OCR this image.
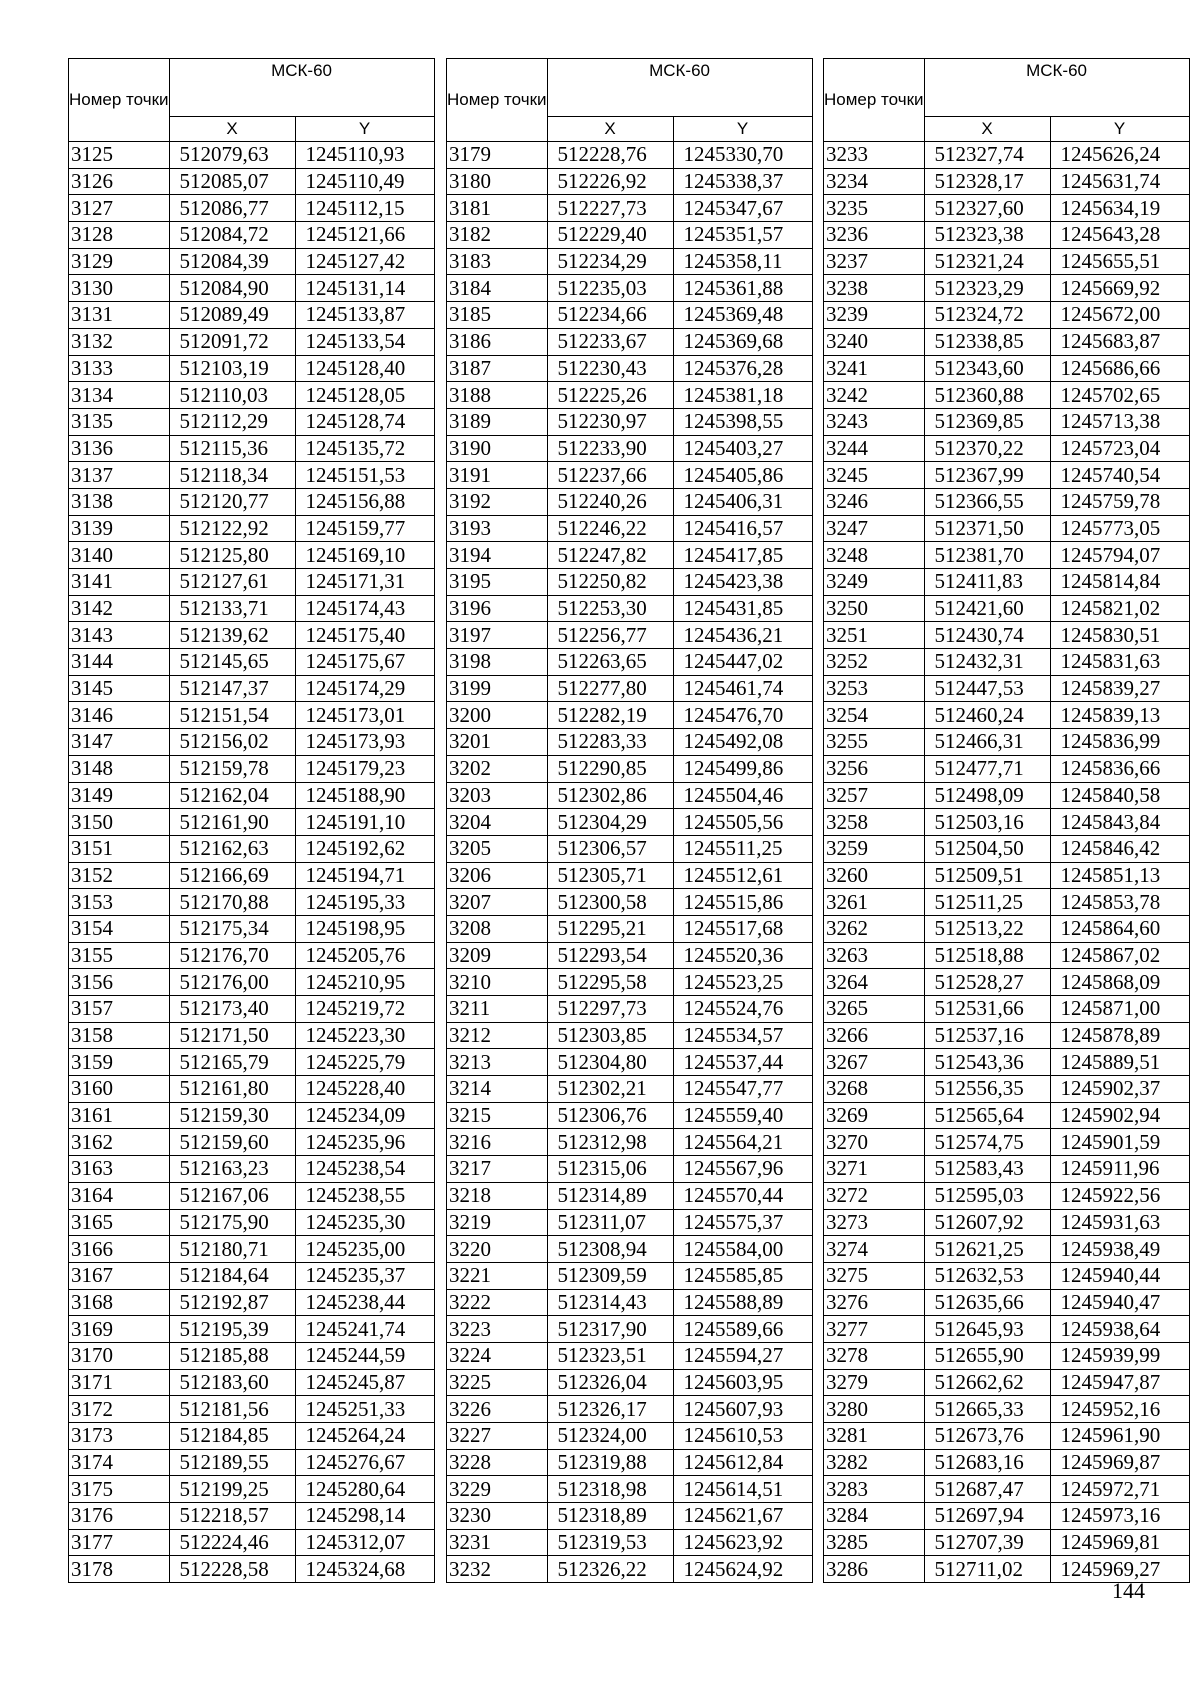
Номер точки	МСК-60	
	X	Y
3125	512079,63	1245110,93
3126	512085,07	1245110,49
3127	512086,77	1245112,15
3128	512084,72	1245121,66
3129	512084,39	1245127,42
3130	512084,90	1245131,14
3131	512089,49	1245133,87
3132	512091,72	1245133,54
3133	512103,19	1245128,40
3134	512110,03	1245128,05
3135	512112,29	1245128,74
3136	512115,36	1245135,72
3137	512118,34	1245151,53
3138	512120,77	1245156,88
3139	512122,92	1245159,77
3140	512125,80	1245169,10
3141	512127,61	1245171,31
3142	512133,71	1245174,43
3143	512139,62	1245175,40
3144	512145,65	1245175,67
3145	512147,37	1245174,29
3146	512151,54	1245173,01
3147	512156,02	1245173,93
3148	512159,78	1245179,23
3149	512162,04	1245188,90
3150	512161,90	1245191,10
3151	512162,63	1245192,62
3152	512166,69	1245194,71
3153	512170,88	1245195,33
3154	512175,34	1245198,95
3155	512176,70	1245205,76
3156	512176,00	1245210,95
3157	512173,40	1245219,72
3158	512171,50	1245223,30
3159	512165,79	1245225,79
3160	512161,80	1245228,40
3161	512159,30	1245234,09
3162	512159,60	1245235,96
3163	512163,23	1245238,54
3164	512167,06	1245238,55
3165	512175,90	1245235,30
3166	512180,71	1245235,00
3167	512184,64	1245235,37
3168	512192,87	1245238,44
3169	512195,39	1245241,74
3170	512185,88	1245244,59
3171	512183,60	1245245,87
3172	512181,56	1245251,33
3173	512184,85	1245264,24
3174	512189,55	1245276,67
3175	512199,25	1245280,64
3176	512218,57	1245298,14
3177	512224,46	1245312,07
3178	512228,58	1245324,68
Номер точки	МСК-60	
	X	Y
3179	512228,76	1245330,70
3180	512226,92	1245338,37
3181	512227,73	1245347,67
3182	512229,40	1245351,57
3183	512234,29	1245358,11
3184	512235,03	1245361,88
3185	512234,66	1245369,48
3186	512233,67	1245369,68
3187	512230,43	1245376,28
3188	512225,26	1245381,18
3189	512230,97	1245398,55
3190	512233,90	1245403,27
3191	512237,66	1245405,86
3192	512240,26	1245406,31
3193	512246,22	1245416,57
3194	512247,82	1245417,85
3195	512250,82	1245423,38
3196	512253,30	1245431,85
3197	512256,77	1245436,21
3198	512263,65	1245447,02
3199	512277,80	1245461,74
3200	512282,19	1245476,70
3201	512283,33	1245492,08
3202	512290,85	1245499,86
3203	512302,86	1245504,46
3204	512304,29	1245505,56
3205	512306,57	1245511,25
3206	512305,71	1245512,61
3207	512300,58	1245515,86
3208	512295,21	1245517,68
3209	512293,54	1245520,36
3210	512295,58	1245523,25
3211	512297,73	1245524,76
3212	512303,85	1245534,57
3213	512304,80	1245537,44
3214	512302,21	1245547,77
3215	512306,76	1245559,40
3216	512312,98	1245564,21
3217	512315,06	1245567,96
3218	512314,89	1245570,44
3219	512311,07	1245575,37
3220	512308,94	1245584,00
3221	512309,59	1245585,85
3222	512314,43	1245588,89
3223	512317,90	1245589,66
3224	512323,51	1245594,27
3225	512326,04	1245603,95
3226	512326,17	1245607,93
3227	512324,00	1245610,53
3228	512319,88	1245612,84
3229	512318,98	1245614,51
3230	512318,89	1245621,67
3231	512319,53	1245623,92
3232	512326,22	1245624,92
Номер точки	МСК-60	
	X	Y
3233	512327,74	1245626,24
3234	512328,17	1245631,74
3235	512327,60	1245634,19
3236	512323,38	1245643,28
3237	512321,24	1245655,51
3238	512323,29	1245669,92
3239	512324,72	1245672,00
3240	512338,85	1245683,87
3241	512343,60	1245686,66
3242	512360,88	1245702,65
3243	512369,85	1245713,38
3244	512370,22	1245723,04
3245	512367,99	1245740,54
3246	512366,55	1245759,78
3247	512371,50	1245773,05
3248	512381,70	1245794,07
3249	512411,83	1245814,84
3250	512421,60	1245821,02
3251	512430,74	1245830,51
3252	512432,31	1245831,63
3253	512447,53	1245839,27
3254	512460,24	1245839,13
3255	512466,31	1245836,99
3256	512477,71	1245836,66
3257	512498,09	1245840,58
3258	512503,16	1245843,84
3259	512504,50	1245846,42
3260	512509,51	1245851,13
3261	512511,25	1245853,78
3262	512513,22	1245864,60
3263	512518,88	1245867,02
3264	512528,27	1245868,09
3265	512531,66	1245871,00
3266	512537,16	1245878,89
3267	512543,36	1245889,51
3268	512556,35	1245902,37
3269	512565,64	1245902,94
3270	512574,75	1245901,59
3271	512583,43	1245911,96
3272	512595,03	1245922,56
3273	512607,92	1245931,63
3274	512621,25	1245938,49
3275	512632,53	1245940,44
3276	512635,66	1245940,47
3277	512645,93	1245938,64
3278	512655,90	1245939,99
3279	512662,62	1245947,87
3280	512665,33	1245952,16
3281	512673,76	1245961,90
3282	512683,16	1245969,87
3283	512687,47	1245972,71
3284	512697,94	1245973,16
3285	512707,39	1245969,81
3286	512711,02	1245969,27
144
